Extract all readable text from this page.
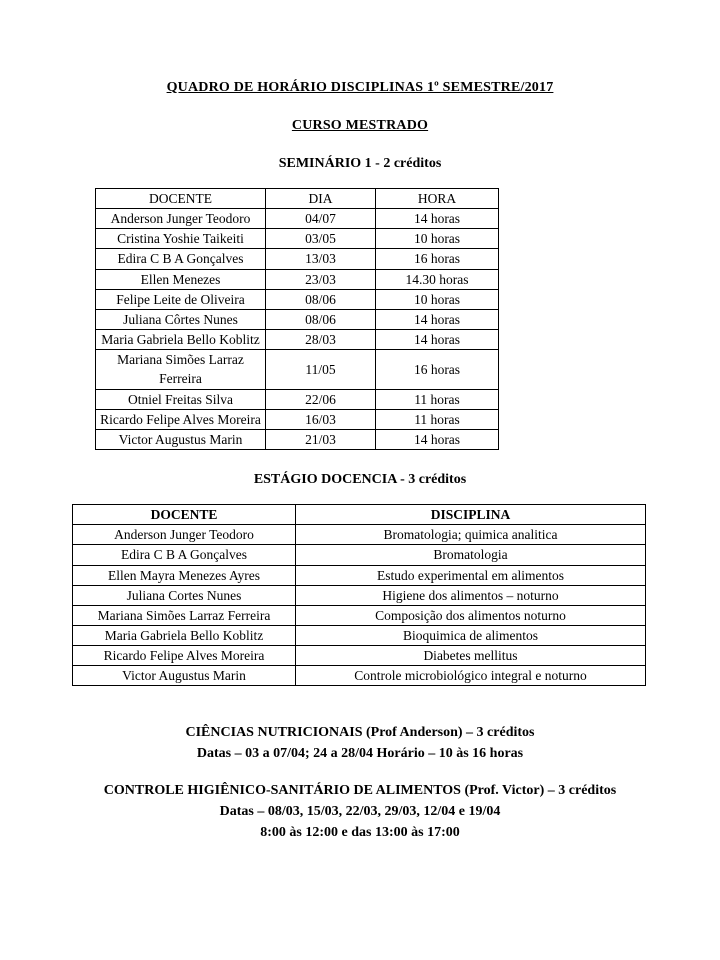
QUADRO DE HORÁRIO DISCIPLINAS 1º SEMESTRE/2017
CURSO MESTRADO
SEMINÁRIO 1 - 2 créditos
DOCENTE	DIA	HORA
Anderson Junger Teodoro	04/07	14 horas
Cristina Yoshie Taikeiti	03/05	10 horas
Edira C B A Gonçalves	13/03	16 horas
Ellen Menezes	23/03	14.30 horas
Felipe Leite de Oliveira	08/06	10 horas
Juliana Côrtes Nunes	08/06	14 horas
Maria Gabriela Bello Koblitz	28/03	14 horas
Mariana Simões Larraz Ferreira	11/05	16 horas
Otniel Freitas Silva	22/06	11 horas
Ricardo Felipe Alves Moreira	16/03	11 horas
Victor Augustus Marin	21/03	14 horas
ESTÁGIO DOCENCIA - 3 créditos
DOCENTE	DISCIPLINA
Anderson Junger Teodoro	Bromatologia; quimica analitica
Edira C B A Gonçalves	Bromatologia
Ellen Mayra Menezes Ayres	Estudo experimental em alimentos
Juliana Cortes Nunes	Higiene dos alimentos – noturno
Mariana Simões Larraz Ferreira	Composição dos alimentos noturno
Maria Gabriela Bello Koblitz	Bioquimica de alimentos
Ricardo Felipe Alves Moreira	Diabetes mellitus
Victor Augustus Marin	Controle microbiológico integral e noturno
CIÊNCIAS NUTRICIONAIS (Prof Anderson) – 3 créditos
Datas – 03 a 07/04; 24 a 28/04 Horário – 10 às 16 horas
CONTROLE HIGIÊNICO-SANITÁRIO DE ALIMENTOS (Prof. Victor) – 3 créditos
Datas – 08/03, 15/03, 22/03, 29/03, 12/04 e 19/04
8:00 às 12:00 e das 13:00 às 17:00
